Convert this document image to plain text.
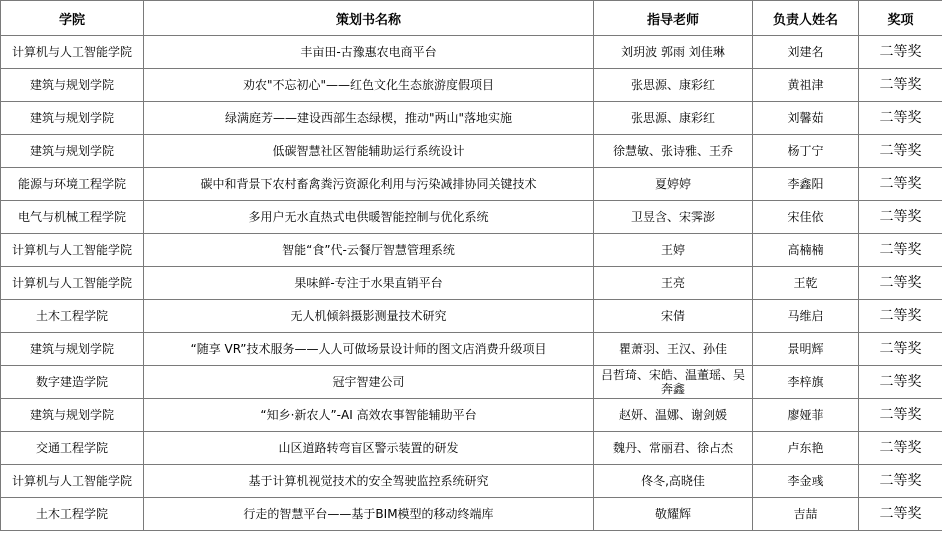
学院	策划书名称	指导老师	负责人姓名	奖项
计算机与人工智能学院	丰亩田-古豫惠农电商平台	刘玥波 郭雨 刘佳琳	刘建名	二等奖
建筑与规划学院	劝农"不忘初心"——红色文化生态旅游度假项目	张思源、康彩红	黄祖津	二等奖
建筑与规划学院	绿满庭芳——建设西部生态绿楔，推动"两山"落地实施	张思源、康彩红	刘馨茹	二等奖
建筑与规划学院	低碳智慧社区智能辅助运行系统设计	徐慧敏、张诗雅、王乔	杨丁宁	二等奖
能源与环境工程学院	碳中和背景下农村畜禽粪污资源化利用与污染减排协同关键技术	夏婷婷	李鑫阳	二等奖
电气与机械工程学院	多用户无水直热式电供暖智能控制与优化系统	卫昱含、宋霁澎	宋佳依	二等奖
计算机与人工智能学院	智能“食”代-云餐厅智慧管理系统	王婷	高楠楠	二等奖
计算机与人工智能学院	果味鲜-专注于水果直销平台	王亮	王乾	二等奖
土木工程学院	无人机倾斜摄影测量技术研究	宋倩	马维启	二等奖
建筑与规划学院	“随享 VR”技术服务——人人可做场景设计师的图文店消费升级项目	瞿萧羽、王汉、孙佳	景明辉	二等奖
数字建造学院	冠宇智建公司	吕哲琦、宋皓、温董瑶、吴奔鑫	李梓旗	二等奖
建筑与规划学院	“知乡·新农人”-AI 高效农事智能辅助平台	赵妍、温娜、谢剑媛	廖娅菲	二等奖
交通工程学院	山区道路转弯盲区警示装置的研发	魏丹、常丽君、徐占杰	卢东艳	二等奖
计算机与人工智能学院	基于计算机视觉技术的安全驾驶监控系统研究	佟冬,高晓佳	李金彧	二等奖
土木工程学院	行走的智慧平台——基于BIM模型的移动终端库	敬耀辉	吉喆	二等奖
